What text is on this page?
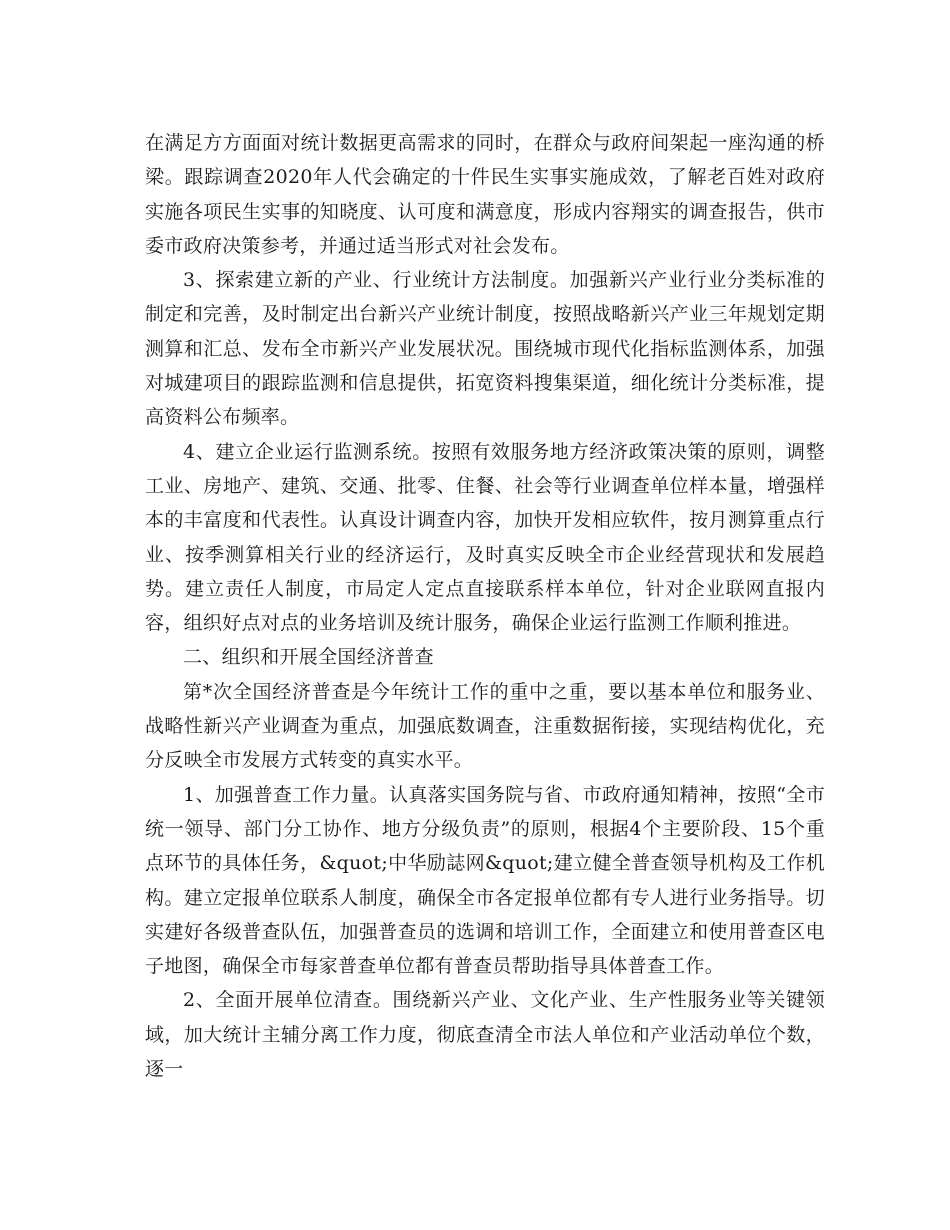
在满足方方面面对统计数据更高需求的同时，在群众与政府间架起一座沟通的桥梁。跟踪调查2020年人代会确定的十件民生实事实施成效，了解老百姓对政府实施各项民生实事的知晓度、认可度和满意度，形成内容翔实的调查报告，供市委市政府决策参考，并通过适当形式对社会发布。

3、探索建立新的产业、行业统计方法制度。加强新兴产业行业分类标准的制定和完善，及时制定出台新兴产业统计制度，按照战略新兴产业三年规划定期测算和汇总、发布全市新兴产业发展状况。围绕城市现代化指标监测体系，加强对城建项目的跟踪监测和信息提供，拓宽资料搜集渠道，细化统计分类标准，提高资料公布频率。

4、建立企业运行监测系统。按照有效服务地方经济政策决策的原则，调整工业、房地产、建筑、交通、批零、住餐、社会等行业调查单位样本量，增强样本的丰富度和代表性。认真设计调查内容，加快开发相应软件，按月测算重点行业、按季测算相关行业的经济运行，及时真实反映全市企业经营现状和发展趋势。建立责任人制度，市局定人定点直接联系样本单位，针对企业联网直报内容，组织好点对点的业务培训及统计服务，确保企业运行监测工作顺利推进。

二、组织和开展全国经济普查

第*次全国经济普查是今年统计工作的重中之重，要以基本单位和服务业、战略性新兴产业调查为重点，加强底数调查，注重数据衔接，实现结构优化，充分反映全市发展方式转变的真实水平。

1、加强普查工作力量。认真落实国务院与省、市政府通知精神，按照“全市统一领导、部门分工协作、地方分级负责”的原则，根据4个主要阶段、15个重点环节的具体任务，&quot;中华励誌网&quot;建立健全普查领导机构及工作机构。建立定报单位联系人制度，确保全市各定报单位都有专人进行业务指导。切实建好各级普查队伍，加强普查员的选调和培训工作，全面建立和使用普查区电子地图，确保全市每家普查单位都有普查员帮助指导具体普查工作。

2、全面开展单位清查。围绕新兴产业、文化产业、生产性服务业等关键领域，加大统计主辅分离工作力度，彻底查清全市法人单位和产业活动单位个数，逐一
